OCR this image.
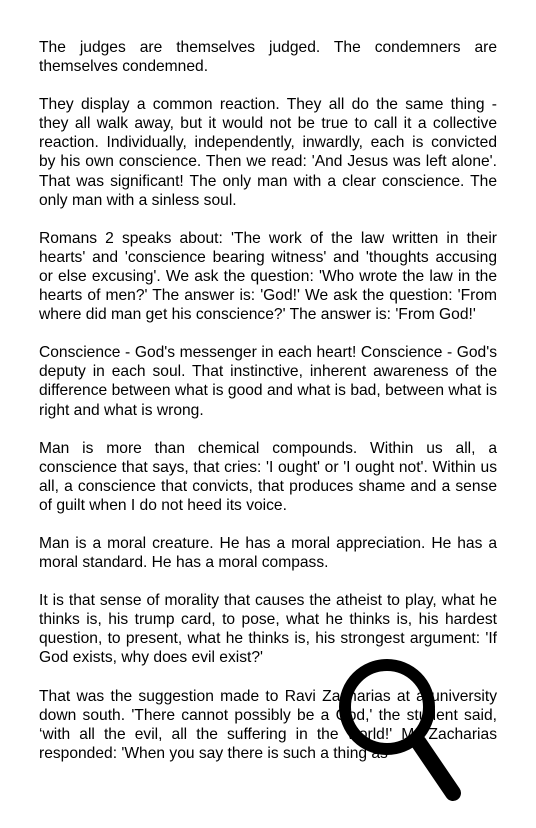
The judges are themselves judged. The condemners are themselves condemned.

They display a common reaction. They all do the same thing - they all walk away, but it would not be true to call it a collective reaction. Individually, independently, inwardly, each is convicted by his own conscience. Then we read: 'And Jesus was left alone'. That was significant! The only man with a clear conscience. The only man with a sinless soul.

Romans 2 speaks about: 'The work of the law written in their hearts' and 'conscience bearing witness' and 'thoughts accusing or else excusing'. We ask the question: 'Who wrote the law in the hearts of men?' The answer is: 'God!' We ask the question: 'From where did man get his conscience?' The answer is: 'From God!'

Conscience - God's messenger in each heart! Conscience - God's deputy in each soul. That instinctive, inherent awareness of the difference between what is good and what is bad, between what is right and what is wrong.

Man is more than chemical compounds. Within us all, a conscience that says, that cries: 'I ought' or 'I ought not'. Within us all, a conscience that convicts, that produces shame and a sense of guilt when I do not heed its voice.

Man is a moral creature. He has a moral appreciation. He has a moral standard. He has a moral compass.

It is that sense of morality that causes the atheist to play, what he thinks is, his trump card, to pose, what he thinks is, his hardest question, to present, what he thinks is, his strongest argument: 'If God exists, why does evil exist?'

That was the suggestion made to Ravi Zacharias at a university down south. 'There cannot possibly be a God,' the student said, ‘with all the evil, all the suffering in the world!' Mr Zacharias responded: 'When you say there is such a thing as
